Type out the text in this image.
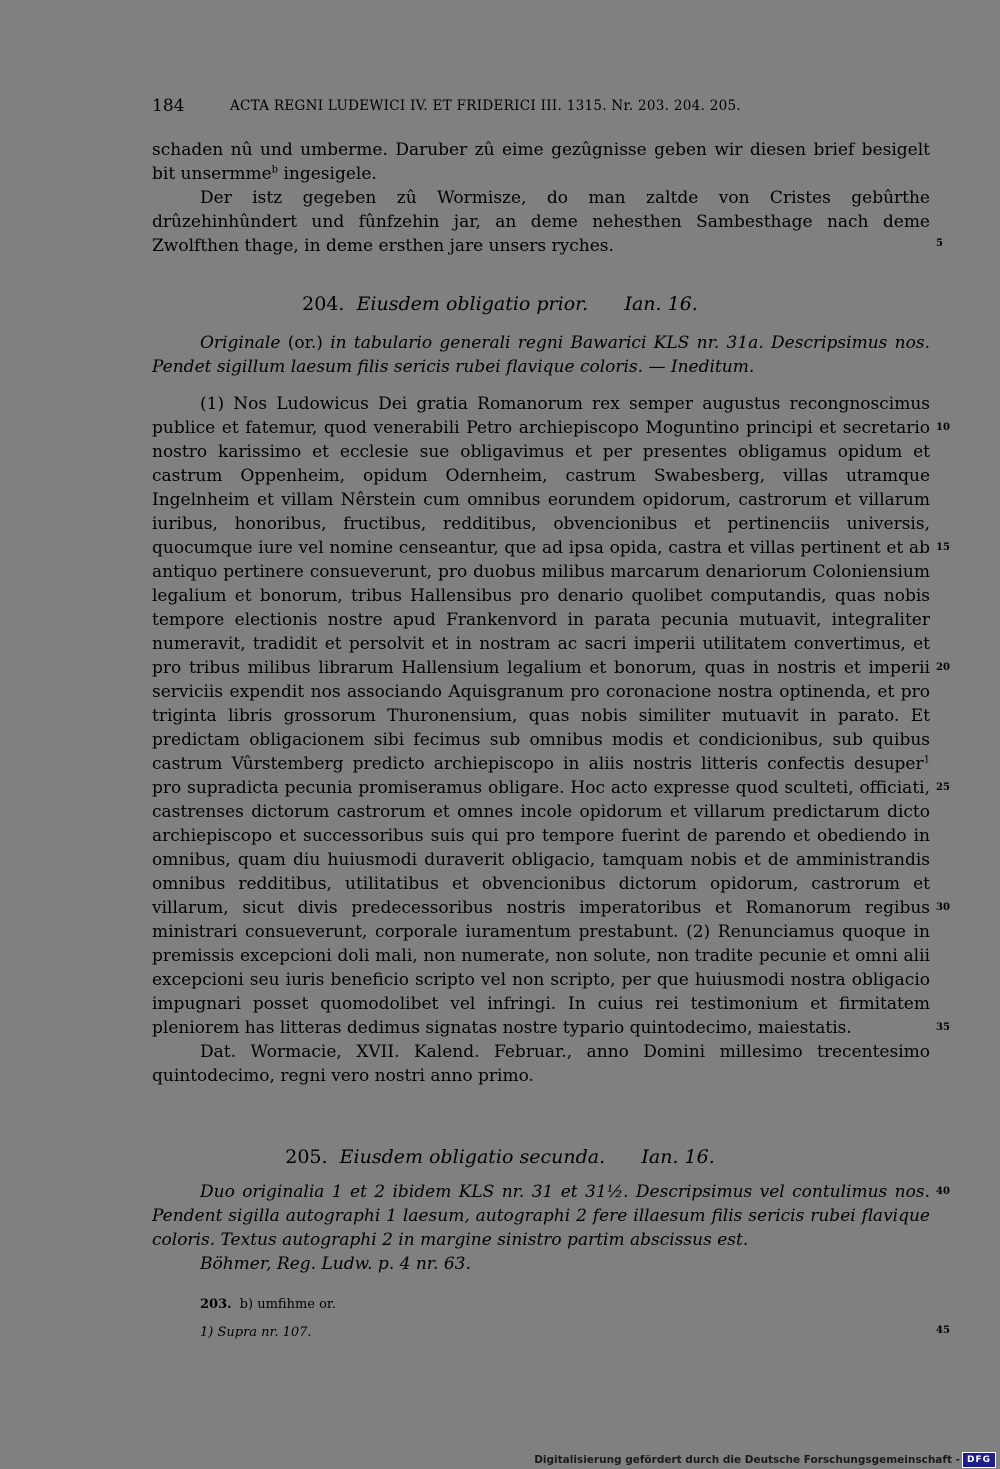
184	ACTA REGNI LUDEWICI IV. ET FRIDERICI III. 1315. Nr. 203. 204. 205.

schaden nû und umberme. Daruber zû eime gezûgnisse geben wir diesen brief besigelt bit unsermme$^b$ ingesigele.

Der istz gegeben zû Wormisze, do man zaltde von Cristes gebûrthe drûzehinhûndert und fûnfzehin jar, an deme nehesthen Sambesthage nach deme Zwolfthen thage, in deme ersthen jare unsers ryches.

204. Eiusdem obligatio prior. Ian. 16.

Originale (or.) in tabulario generali regni Bawarici KLS nr. 31a. Descripsimus nos. Pendet sigillum laesum filis sericis rubei flavique coloris. — Ineditum.

(1) Nos Ludowicus Dei gratia Romanorum rex semper augustus recongnoscimus publice et fatemur, quod venerabili Petro archiepiscopo Moguntino principi et secretario nostro karissimo et ecclesie sue obligavimus et per presentes obligamus opidum et castrum Oppenheim, opidum Odernheim, castrum Swabesberg, villas utramque Ingelnheim et villam Nêrstein cum omnibus eorundem opidorum, castrorum et villarum iuribus, honoribus, fructibus, redditibus, obvencionibus et pertinenciis universis, quocumque iure vel nomine censeantur, que ad ipsa opida, castra et villas pertinent et ab antiquo pertinere consueverunt, pro duobus milibus marcarum denariorum Coloniensium legalium et bonorum, tribus Hallensibus pro denario quolibet computandis, quas nobis tempore electionis nostre apud Frankenvord in parata pecunia mutuavit, integraliter numeravit, tradidit et persolvit et in nostram ac sacri imperii utilitatem convertimus, et pro tribus milibus librarum Hallensium legalium et bonorum, quas in nostris et imperii serviciis expendit nos associando Aquisgranum pro coronacione nostra optinenda, et pro triginta libris grossorum Thuronensium, quas nobis similiter mutuavit in parato. Et predictam obligacionem sibi fecimus sub omnibus modis et condicionibus, sub quibus castrum Vûrstemberg predicto archiepiscopo in aliis nostris litteris confectis desuper$^1$ pro supradicta pecunia promiseramus obligare. Hoc acto expresse quod sculteti, officiati, castrenses dictorum castrorum et omnes incole opidorum et villarum predictarum dicto archiepiscopo et successoribus suis qui pro tempore fuerint de parendo et obediendo in omnibus, quam diu huiusmodi duraverit obligacio, tamquam nobis et de amministrandis omnibus redditibus, utilitatibus et obvencionibus dictorum opidorum, castrorum et villarum, sicut divis predecessoribus nostris imperatoribus et Romanorum regibus ministrari consueverunt, corporale iuramentum prestabunt. (2) Renunciamus quoque in premissis excepcioni doli mali, non numerate, non solute, non tradite pecunie et omni alii excepcioni seu iuris beneficio scripto vel non scripto, per que huiusmodi nostra obligacio impugnari posset quomodolibet vel infringi. In cuius rei testimonium et firmitatem pleniorem has litteras dedimus signatas nostre typario quintodecimo, maiestatis.

Dat. Wormacie, XVII. Kalend. Februar., anno Domini millesimo trecentesimo quintodecimo, regni vero nostri anno primo.

205. Eiusdem obligatio secunda. Ian. 16.

Duo originalia 1 et 2 ibidem KLS nr. 31 et 31½. Descripsimus vel contulimus nos. Pendent sigilla autographi 1 laesum, autographi 2 fere illaesum filis sericis rubei flavique coloris. Textus autographi 2 in margine sinistro partim abscissus est.

Böhmer, Reg. Ludw. p. 4 nr. 63.

203. b) umfihme or.
1) Supra nr. 107.
5
10
15
20
25
30
35
40
45
Digitalisierung gefördert durch die Deutsche Forschungsgemeinschaft - DFG
